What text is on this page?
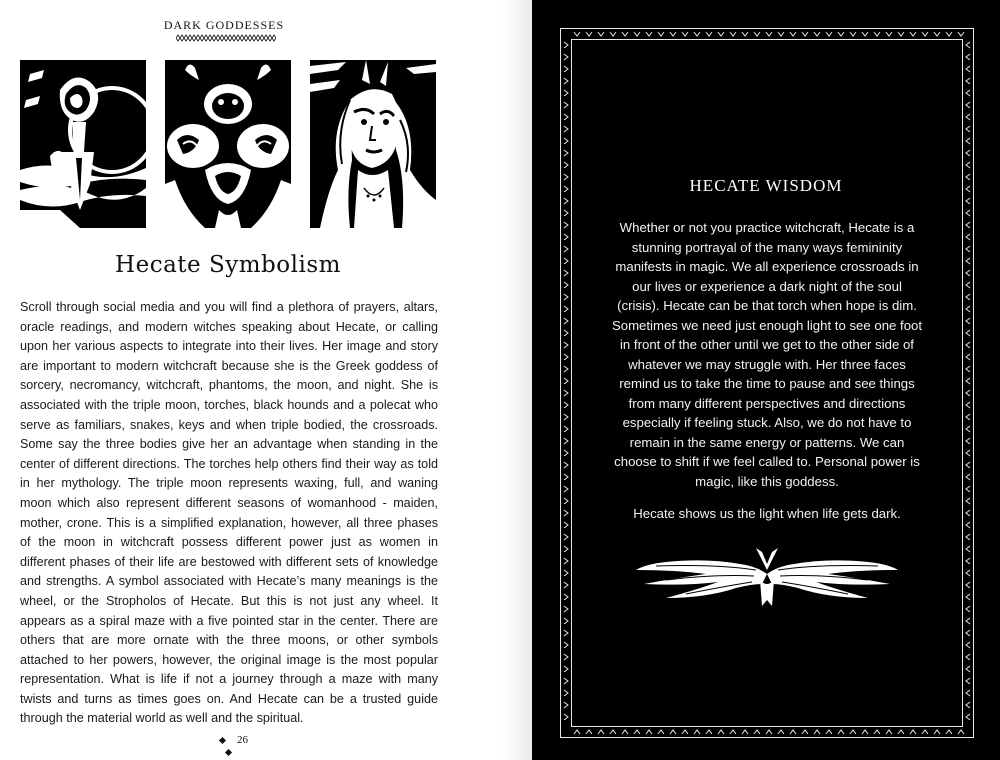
DARK GODDESSES
Hecate Symbolism

Scroll through social media and you will find a plethora of prayers, altars, oracle readings, and modern witches speaking about Hecate, or calling upon her various aspects to integrate into their lives. Her image and story are important to modern witchcraft because she is the Greek goddess of sorcery, necromancy, witchcraft, phantoms, the moon, and night. She is associated with the triple moon, torches, black hounds and a polecat who serve as familiars, snakes, keys and when triple bodied, the crossroads. Some say the three bodies give her an advantage when standing in the center of different directions. The torches help others find their way as told in her mythology. The triple moon represents waxing, full, and waning moon which also represent different seasons of womanhood - maiden, mother, crone. This is a simplified explanation, however, all three phases of the moon in witchcraft possess different power just as women in different phases of their life are bestowed with different sets of knowledge and strengths. A symbol associated with Hecate’s many meanings is the wheel, or the Stropholos of Hecate. But this is not just any wheel. It appears as a spiral maze with a five pointed star in the center. There are others that are more ornate with the three moons, or other symbols attached to her powers, however, the original image is the most popular representation. What is life if not a journey through a maze with many twists and turns as times goes on. And Hecate can be a trusted guide through the material world as well and the spiritual.

26
HECATE WISDOM

Whether or not you practice witchcraft, Hecate is a stunning portrayal of the many ways femininity manifests in magic. We all experience crossroads in our lives or experience a dark night of the soul (crisis). Hecate can be that torch when hope is dim. Sometimes we need just enough light to see one foot in front of the other until we get to the other side of whatever we may struggle with. Her three faces remind us to take the time to pause and see things from many different perspectives and directions especially if feeling stuck. Also, we do not have to remain in the same energy or patterns. We can choose to shift if we feel called to. Personal power is magic, like this goddess.

Hecate shows us the light when life gets dark.
